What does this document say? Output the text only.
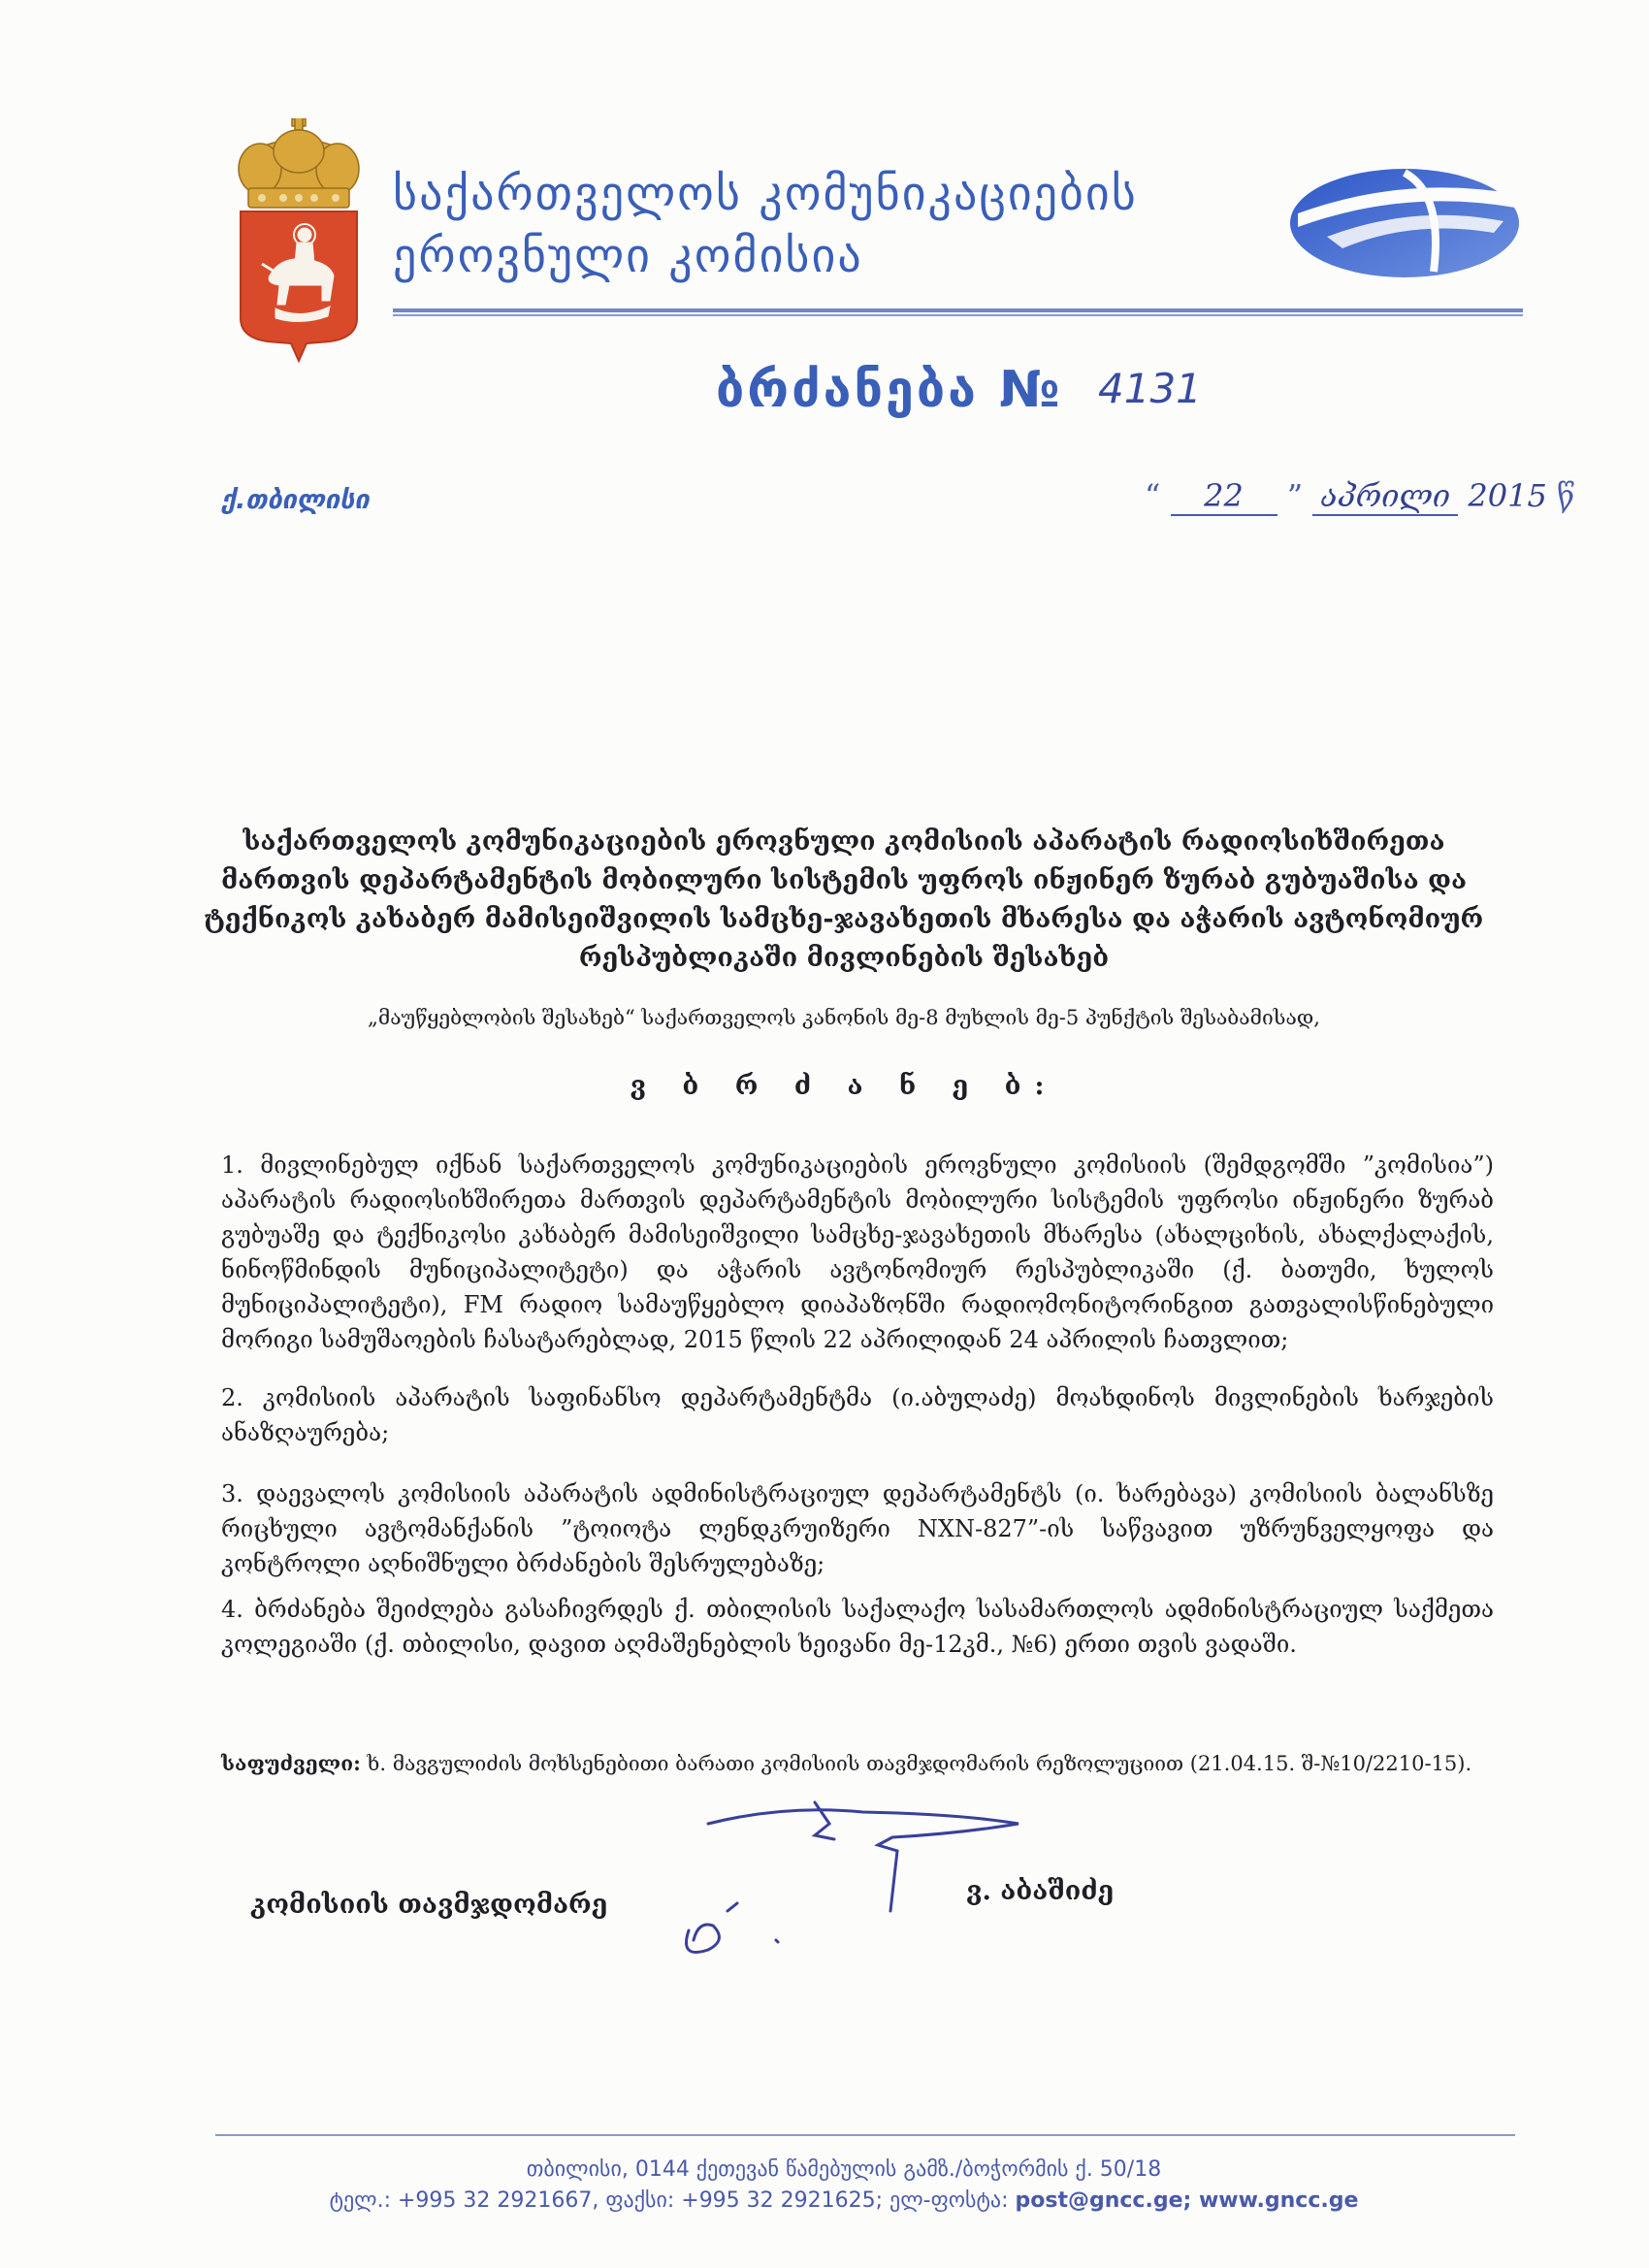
საქართველოს კომუნიკაციების
ეროვნული კომისია
ბრძანება № 4131
ქ.თბილისი	“ 22 ” აპრილი 2015 წ
საქართველოს კომუნიკაციების ეროვნული კომისიის აპარატის რადიოსიხშირეთა მართვის დეპარტამენტის მობილური სისტემის უფროს ინჟინერ ზურაბ გუბუაშისა და ტექნიკოს კახაბერ მამისეიშვილის სამცხე-ჯავახეთის მხარესა და აჭარის ავტონომიურ რესპუბლიკაში მივლინების შესახებ
„მაუწყებლობის შესახებ“ საქართველოს კანონის მე-8 მუხლის მე-5 პუნქტის შესაბამისად,
ვ ბ რ ძ ა ნ ე ბ:

1. მივლინებულ იქნან საქართველოს კომუნიკაციების ეროვნული კომისიის (შემდგომში ”კომისია”) აპარატის რადიოსიხშირეთა მართვის დეპარტამენტის მობილური სისტემის უფროსი ინჟინერი ზურაბ გუბუაშე და ტექნიკოსი კახაბერ მამისეიშვილი სამცხე-ჯავახეთის მხარესა (ახალციხის, ახალქალაქის, ნინოწმინდის მუნიციპალიტეტი) და აჭარის ავტონომიურ რესპუბლიკაში (ქ. ბათუმი, ხულოს მუნიციპალიტეტი), FM რადიო სამაუწყებლო დიაპაზონში რადიომონიტორინგით გათვალისწინებული მორიგი სამუშაოების ჩასატარებლად, 2015 წლის 22 აპრილიდან 24 აპრილის ჩათვლით;

2. კომისიის აპარატის საფინანსო დეპარტამენტმა (ი.აბულაძე) მოახდინოს მივლინების ხარჯების ანაზღაურება;

3. დაევალოს კომისიის აპარატის ადმინისტრაციულ დეპარტამენტს (ი. ხარებავა) კომისიის ბალანსზე რიცხული ავტომანქანის ”ტოიოტა ლენდკრუიზერი NXN-827”-ის საწვავით უზრუნველყოფა და კონტროლი აღნიშნული ბრძანების შესრულებაზე;

4. ბრძანება შეიძლება გასაჩივრდეს ქ. თბილისის საქალაქო სასამართლოს ადმინისტრაციულ საქმეთა კოლეგიაში (ქ. თბილისი, დავით აღმაშენებლის ხეივანი მე-12კმ., №6) ერთი თვის ვადაში.

საფუძველი: ხ. მავგულიძის მოხსენებითი ბარათი კომისიის თავმჯდომარის რეზოლუციით (21.04.15. შ-№10/2210-15).
კომისიის თავმჯდომარე	ვ. აბაშიძე
თბილისი, 0144 ქეთევან წამებულის გამზ./ბოჭორმის ქ. 50/18
ტელ.: +995 32 2921667, ფაქსი: +995 32 2921625; ელ-ფოსტა: post@gncc.ge; www.gncc.ge
